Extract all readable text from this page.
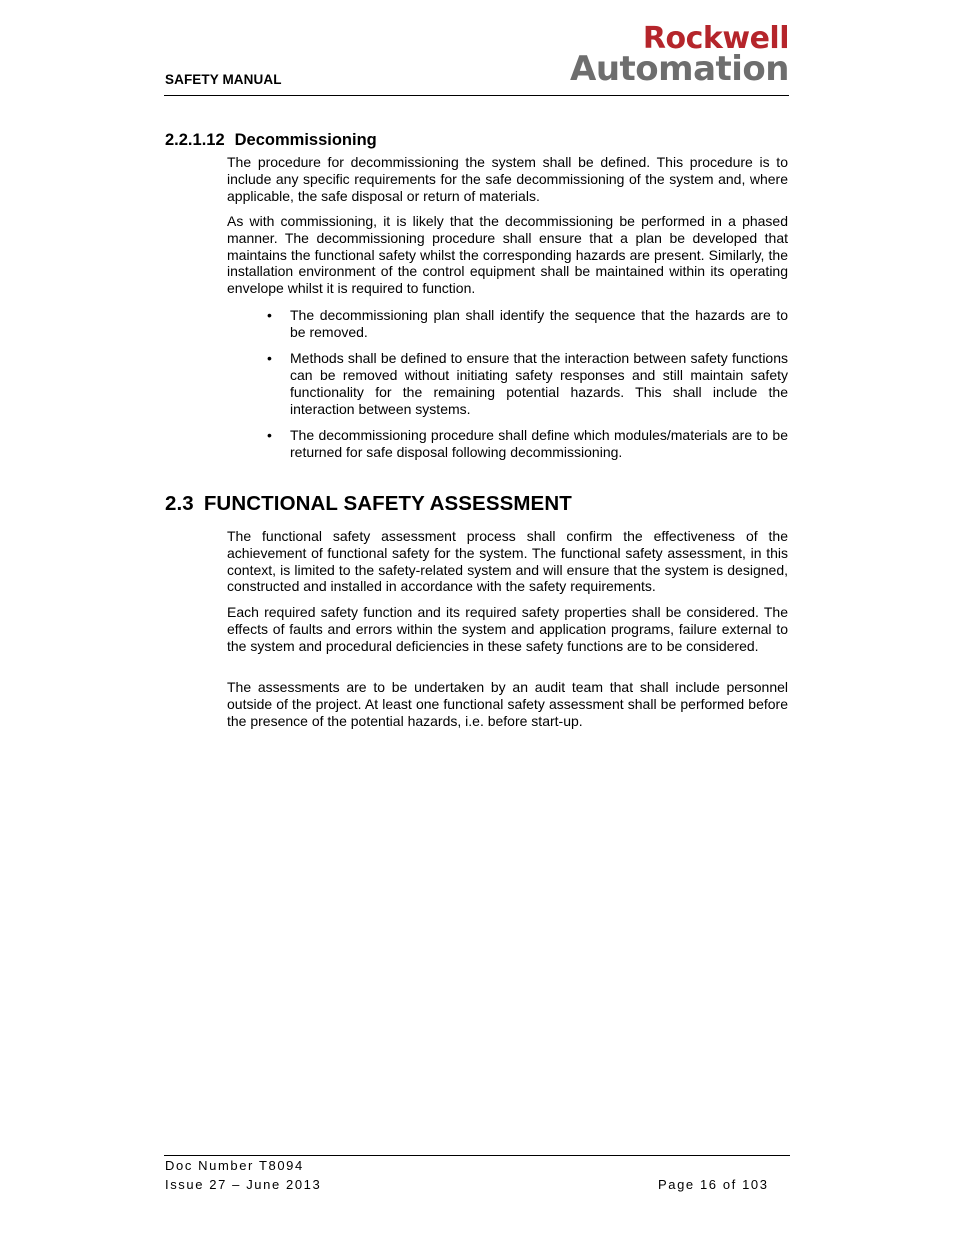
SAFETY MANUAL
Rockwell
Automation
2.2.1.12 Decommissioning
The procedure for decommissioning the system shall be defined. This procedure is to include any specific requirements for the safe decommissioning of the system and, where applicable, the safe disposal or return of materials.
As with commissioning, it is likely that the decommissioning be performed in a phased manner. The decommissioning procedure shall ensure that a plan be developed that maintains the functional safety whilst the corresponding hazards are present. Similarly, the installation environment of the control equipment shall be maintained within its operating envelope whilst it is required to function.
• The decommissioning plan shall identify the sequence that the hazards are to be removed.
• Methods shall be defined to ensure that the interaction between safety functions can be removed without initiating safety responses and still maintain safety functionality for the remaining potential hazards. This shall include the interaction between systems.
• The decommissioning procedure shall define which modules/materials are to be returned for safe disposal following decommissioning.
2.3 FUNCTIONAL SAFETY ASSESSMENT
The functional safety assessment process shall confirm the effectiveness of the achievement of functional safety for the system. The functional safety assessment, in this context, is limited to the safety-related system and will ensure that the system is designed, constructed and installed in accordance with the safety requirements.
Each required safety function and its required safety properties shall be considered. The effects of faults and errors within the system and application programs, failure external to the system and procedural deficiencies in these safety functions are to be considered.
The assessments are to be undertaken by an audit team that shall include personnel outside of the project. At least one functional safety assessment shall be performed before the presence of the potential hazards, i.e. before start-up.
Doc Number T8094
Issue 27 – June 2013	Page 16 of 103
